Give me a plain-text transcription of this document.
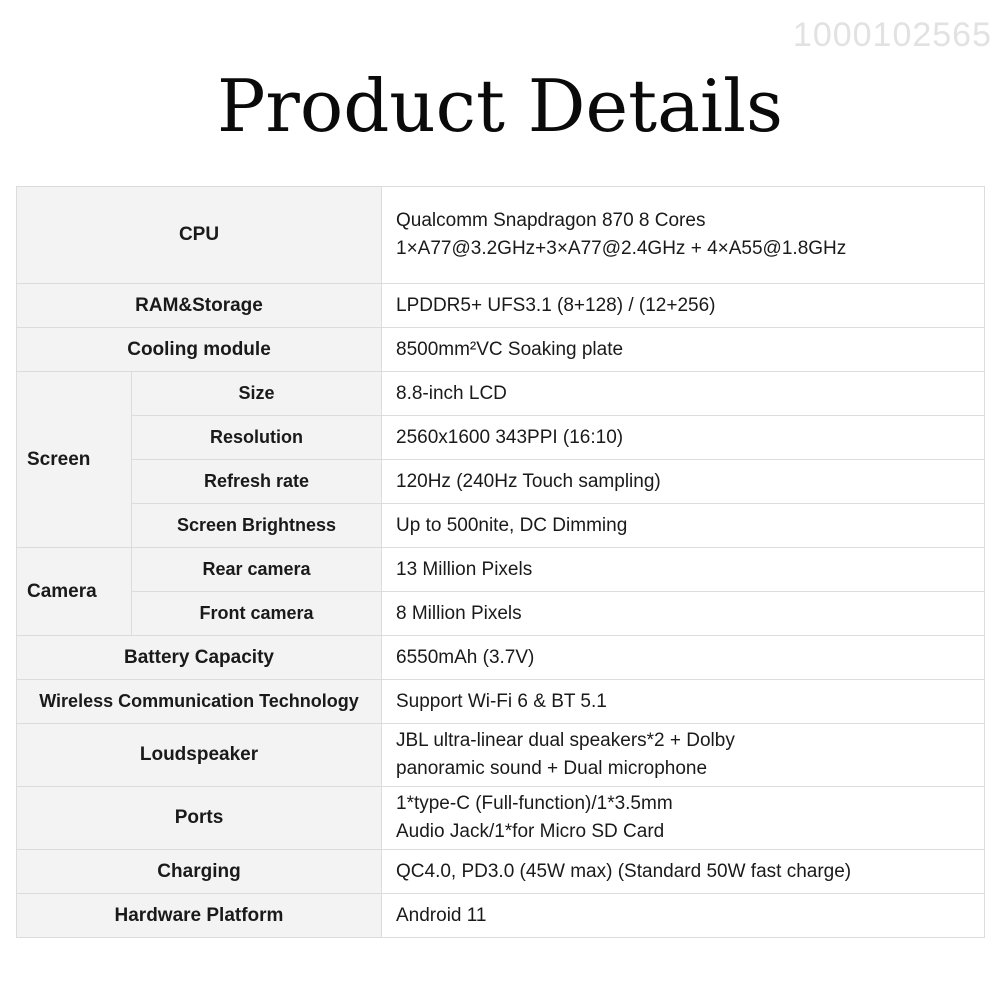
1000102565
Product Details
CPU		Qualcomm Snapdragon 870 8 Cores
1×A77@3.2GHz+3×A77@2.4GHz + 4×A55@1.8GHz

RAM&Storage		LPDDR5+ UFS3.1 (8+128) / (12+256)

Cooling module		8500mm²VC Soaking plate

Screen	Size	8.8-inch LCD

	Resolution	2560x1600 343PPI (16:10)

	Refresh rate	120Hz (240Hz Touch sampling)

	Screen Brightness	Up to 500nite, DC Dimming

Camera	Rear camera	13 Million Pixels

	Front camera	8 Million Pixels

Battery Capacity		6550mAh (3.7V)

Wireless Communication Technology		Support Wi-Fi 6 & BT 5.1

Loudspeaker		JBL ultra-linear dual speakers*2 + Dolby
panoramic sound + Dual microphone

Ports		1*type-C (Full-function)/1*3.5mm
Audio Jack/1*for Micro SD Card

Charging		QC4.0, PD3.0 (45W max) (Standard 50W fast charge)

Hardware Platform		Android 11
